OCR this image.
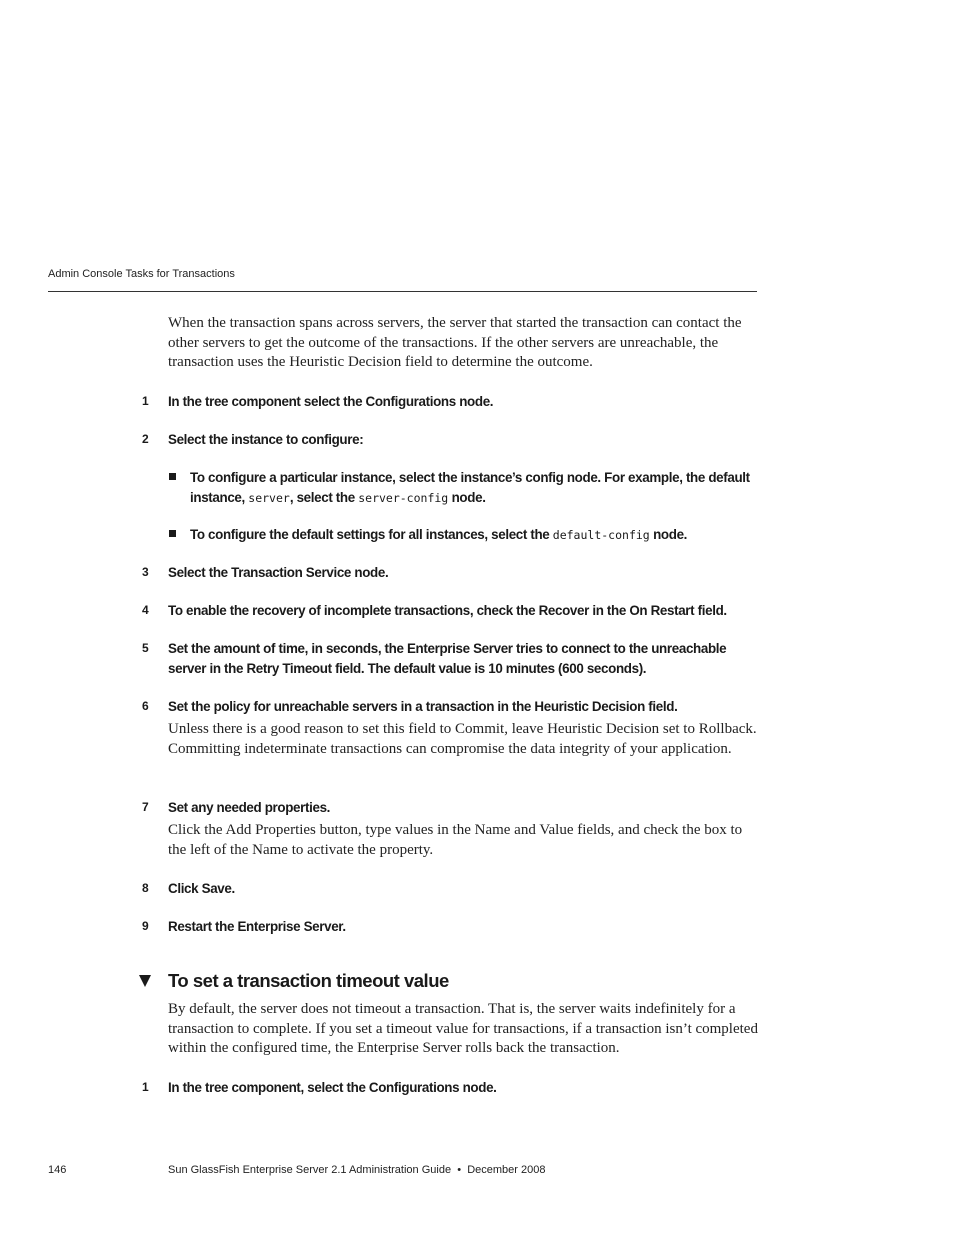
Admin Console Tasks for Transactions

When the transaction spans across servers, the server that started the transaction can contact the other servers to get the outcome of the transactions. If the other servers are unreachable, the transaction uses the Heuristic Decision field to determine the outcome.

1 In the tree component select the Configurations node.

2 Select the instance to configure:

To configure a particular instance, select the instance’s config node. For example, the default instance, server, select the server-config node.

To configure the default settings for all instances, select the default-config node.

3 Select the Transaction Service node.

4 To enable the recovery of incomplete transactions, check the Recover in the On Restart field.

5 Set the amount of time, in seconds, the Enterprise Server tries to connect to the unreachable server in the Retry Timeout field. The default value is 10 minutes (600 seconds).

6 Set the policy for unreachable servers in a transaction in the Heuristic Decision field.

Unless there is a good reason to set this field to Commit, leave Heuristic Decision set to Rollback. Committing indeterminate transactions can compromise the data integrity of your application.

7 Set any needed properties.

Click the Add Properties button, type values in the Name and Value fields, and check the box to the left of the Name to activate the property.

8 Click Save.

9 Restart the Enterprise Server.

To set a transaction timeout value

By default, the server does not timeout a transaction. That is, the server waits indefinitely for a transaction to complete. If you set a timeout value for transactions, if a transaction isn’t completed within the configured time, the Enterprise Server rolls back the transaction.

1 In the tree component, select the Configurations node.

146	Sun GlassFish Enterprise Server 2.1 Administration Guide • December 2008
